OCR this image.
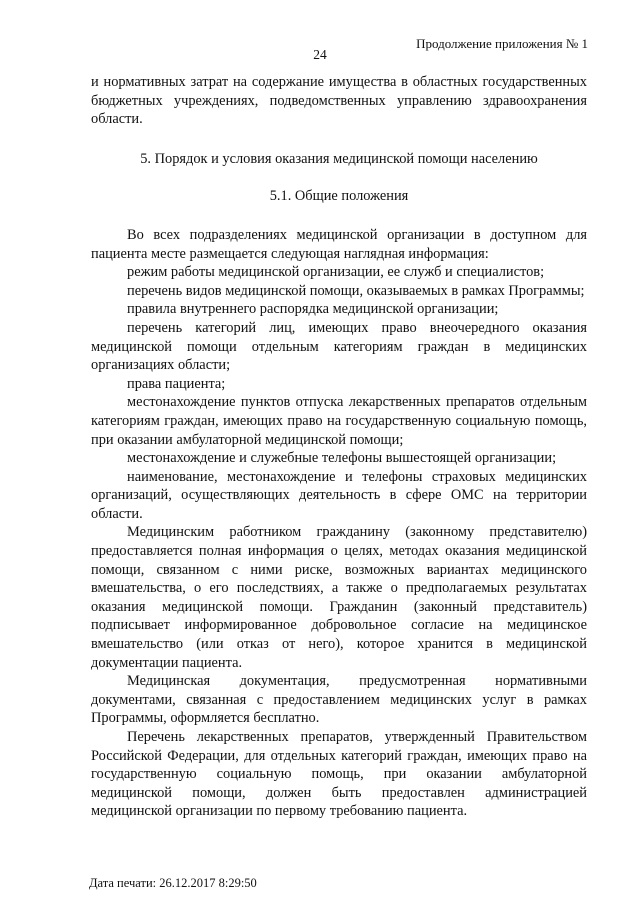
Продолжение приложения № 1
24

и нормативных затрат на содержание имущества в областных государственных бюджетных учреждениях, подведомственных управлению здравоохранения области.

5. Порядок и условия оказания медицинской помощи населению
5.1. Общие положения

Во всех подразделениях медицинской организации в доступном для пациента месте размещается следующая наглядная информация:

режим работы медицинской организации, ее служб и специалистов;

перечень видов медицинской помощи, оказываемых в рамках Программы;

правила внутреннего распорядка медицинской организации;

перечень категорий лиц, имеющих право внеочередного оказания медицинской помощи отдельным категориям граждан в медицинских организациях области;

права пациента;

местонахождение пунктов отпуска лекарственных препаратов отдельным категориям граждан, имеющих право на государственную социальную помощь, при оказании амбулаторной медицинской помощи;

местонахождение и служебные телефоны вышестоящей организации;

наименование, местонахождение и телефоны страховых медицинских организаций, осуществляющих деятельность в сфере ОМС на территории области.

Медицинским работником гражданину (законному представителю) предоставляется полная информация о целях, методах оказания медицинской помощи, связанном с ними риске, возможных вариантах медицинского вмешательства, о его последствиях, а также о предполагаемых результатах оказания медицинской помощи. Гражданин (законный представитель) подписывает информированное добровольное согласие на медицинское вмешательство (или отказ от него), которое хранится в медицинской документации пациента.

Медицинская документация, предусмотренная нормативными документами, связанная с предоставлением медицинских услуг в рамках Программы, оформляется бесплатно.

Перечень лекарственных препаратов, утвержденный Правительством Российской Федерации, для отдельных категорий граждан, имеющих право на государственную социальную помощь, при оказании амбулаторной медицинской помощи, должен быть предоставлен администрацией медицинской организации по первому требованию пациента.

Дата печати: 26.12.2017 8:29:50
